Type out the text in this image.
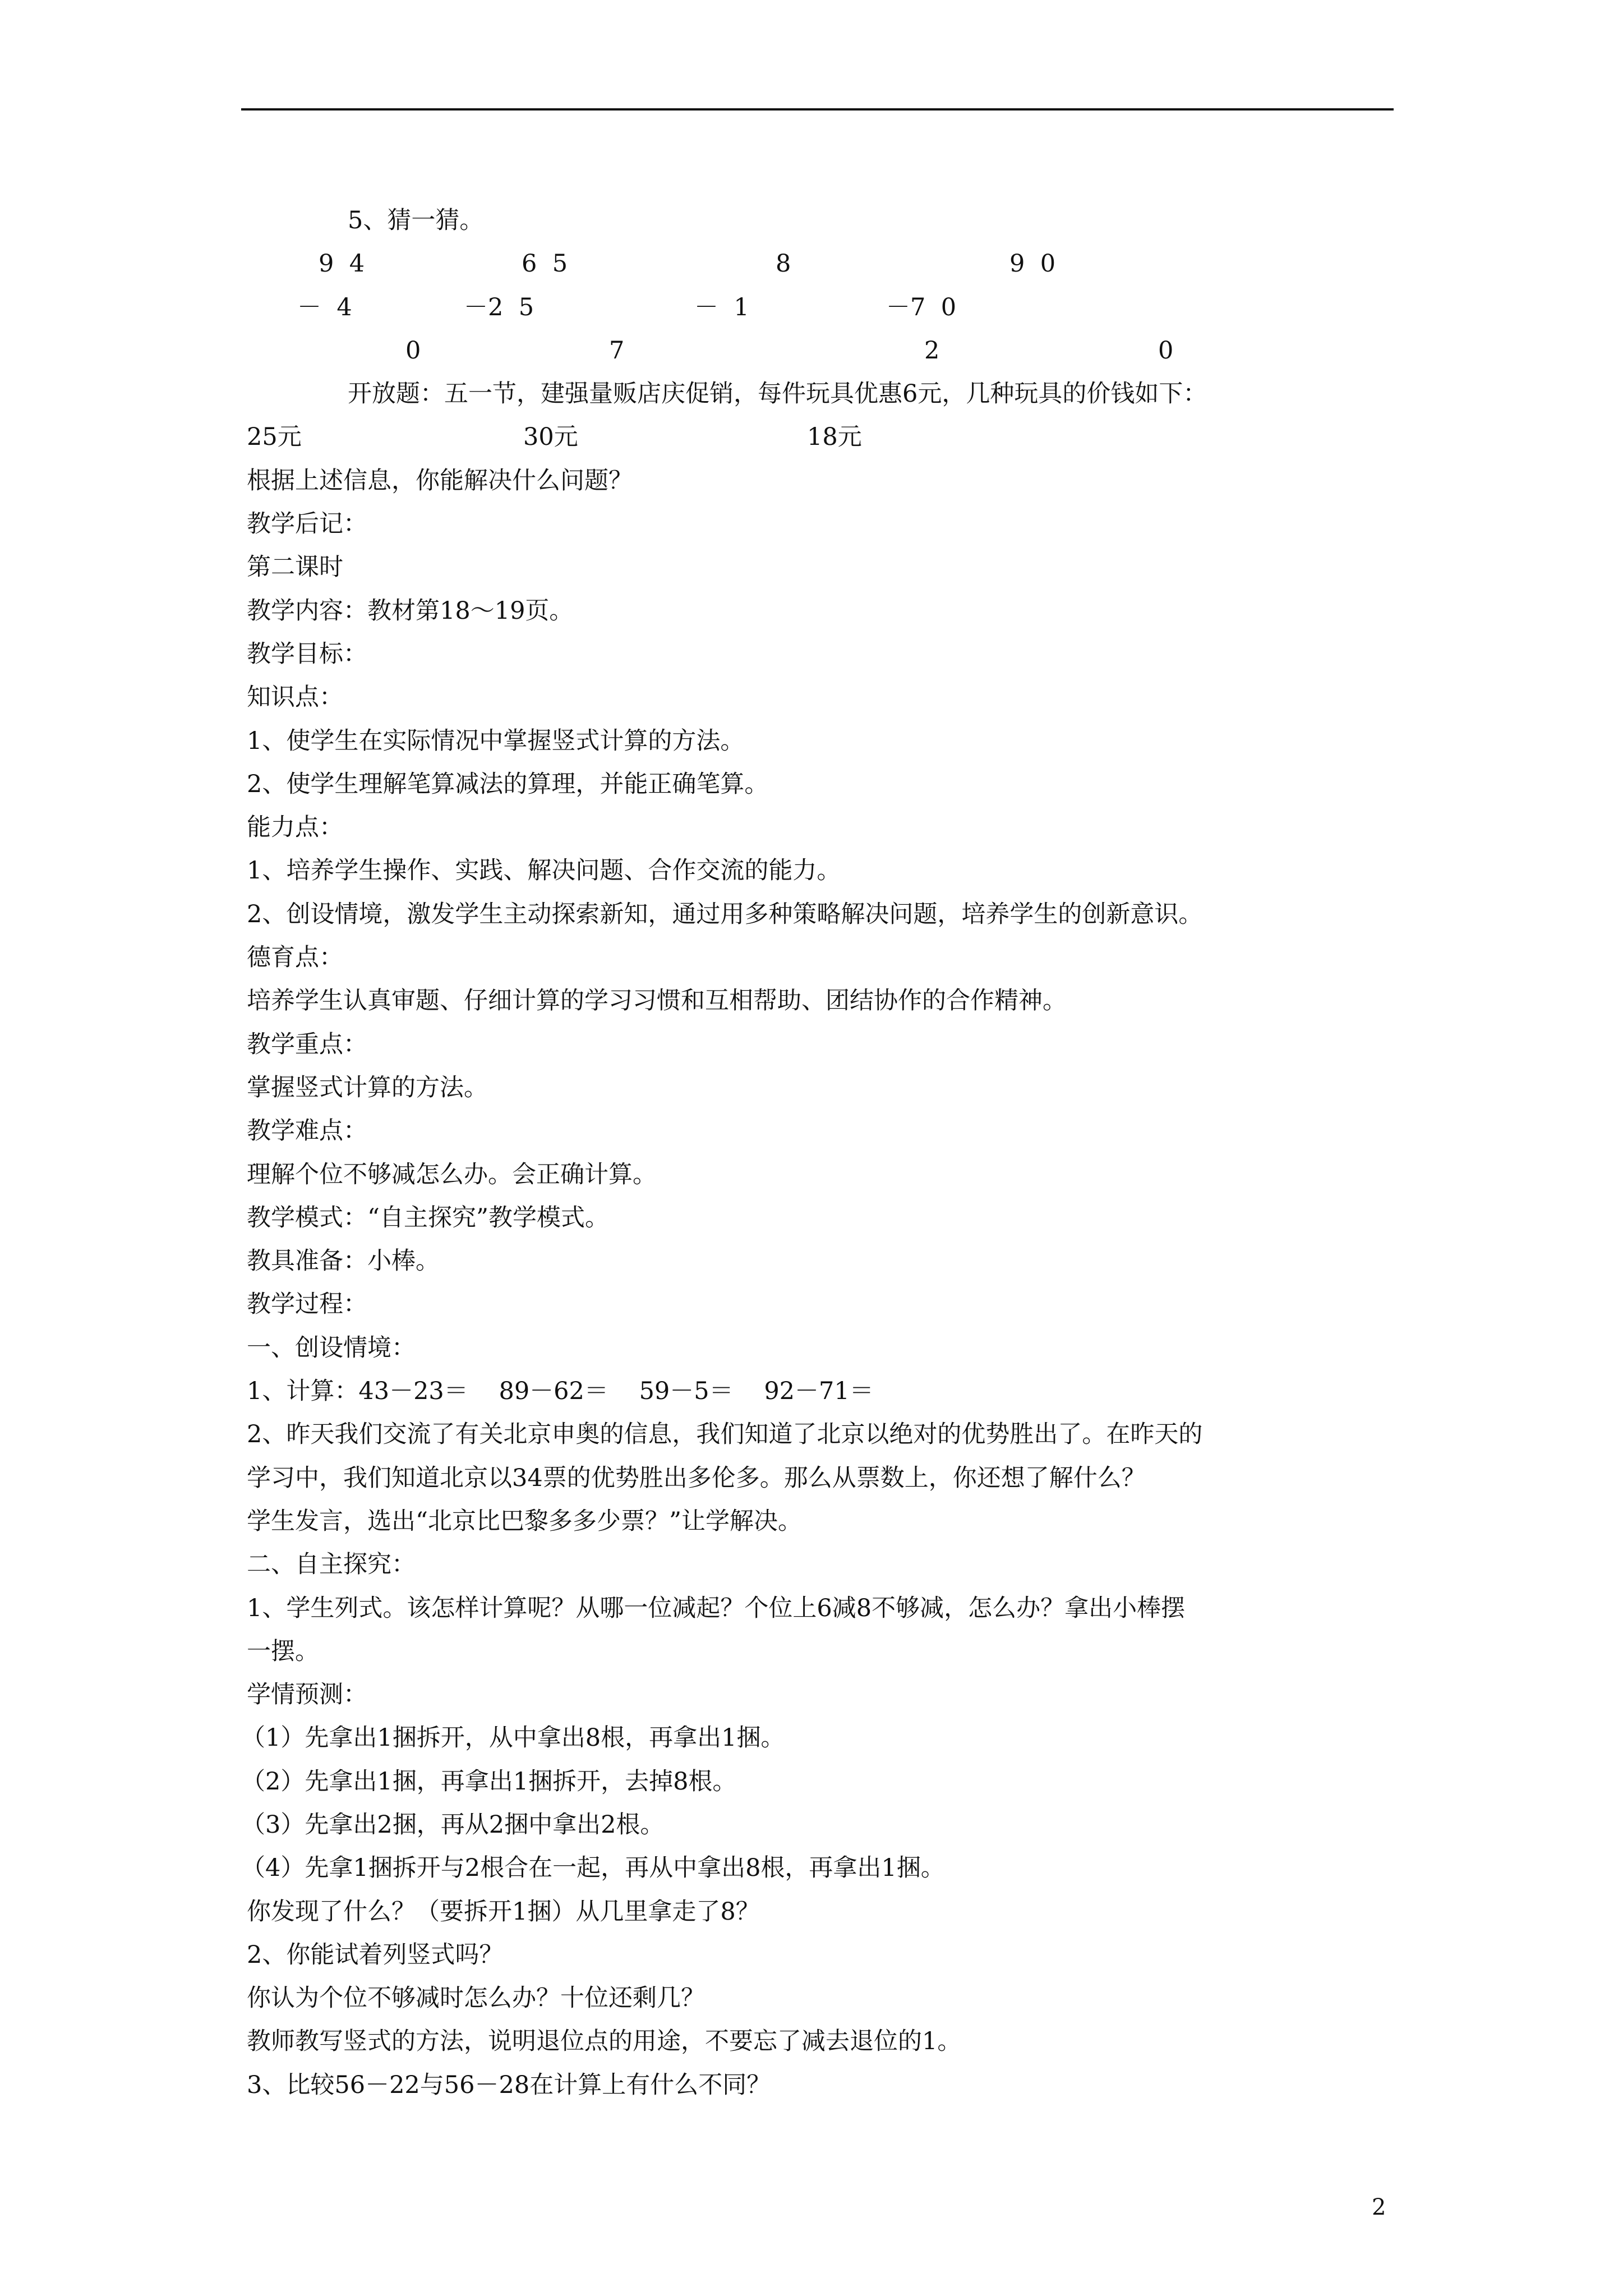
5、猜一猜。
9  4	6  5	8	9  0
－  4	－2  5	－  1	－7  0
0	7	2	0
开放题：五一节，建强量贩店庆促销，每件玩具优惠6元，几种玩具的价钱如下：
25元	30元	18元
根据上述信息，你能解决什么问题？
教学后记：
第二课时
教学内容：教材第18～19页。
教学目标：
知识点：
1、使学生在实际情况中掌握竖式计算的方法。
2、使学生理解笔算减法的算理，并能正确笔算。
能力点：
1、培养学生操作、实践、解决问题、合作交流的能力。
2、创设情境，激发学生主动探索新知，通过用多种策略解决问题，培养学生的创新意识。
德育点：
培养学生认真审题、仔细计算的学习习惯和互相帮助、团结协作的合作精神。
教学重点：
掌握竖式计算的方法。
教学难点：
理解个位不够减怎么办。会正确计算。
教学模式：“自主探究”教学模式。
教具准备：小棒。
教学过程：
一、创设情境：
1、计算：43－23＝    89－62＝    59－5＝    92－71＝
2、昨天我们交流了有关北京申奥的信息，我们知道了北京以绝对的优势胜出了。在昨天的
学习中，我们知道北京以34票的优势胜出多伦多。那么从票数上，你还想了解什么？
学生发言，选出“北京比巴黎多多少票？”让学解决。
二、自主探究：
1、学生列式。该怎样计算呢？从哪一位减起？个位上6减8不够减，怎么办？拿出小棒摆
一摆。
学情预测：
（1）先拿出1捆拆开，从中拿出8根，再拿出1捆。
（2）先拿出1捆，再拿出1捆拆开，去掉8根。
（3）先拿出2捆，再从2捆中拿出2根。
（4）先拿1捆拆开与2根合在一起，再从中拿出8根，再拿出1捆。
你发现了什么？（要拆开1捆）从几里拿走了8？
2、你能试着列竖式吗？
你认为个位不够减时怎么办？十位还剩几？
教师教写竖式的方法，说明退位点的用途，不要忘了减去退位的1。
3、比较56－22与56－28在计算上有什么不同？
2
